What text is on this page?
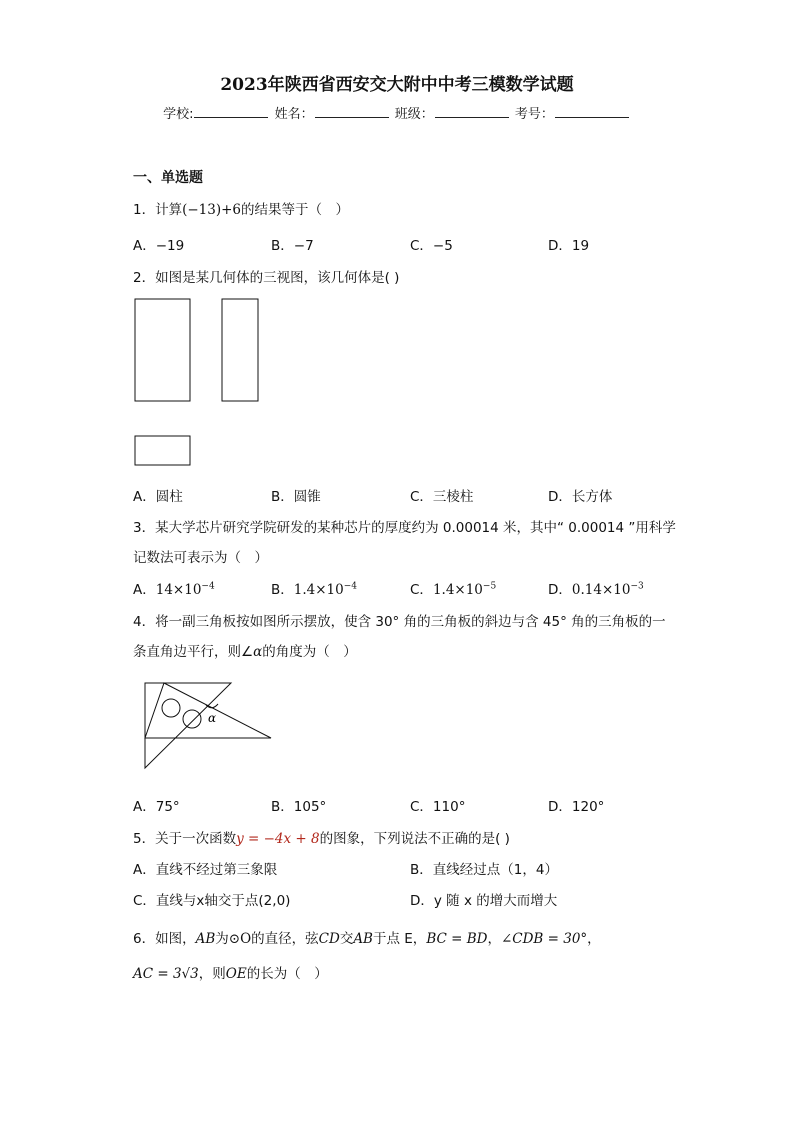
2023年陕西省西安交大附中中考三模数学试题
学校:	姓名：	班级：	考号：
一、单选题
1．计算(−13)+6的结果等于（　）
A．−19	B．−7	C．−5	D．19
2．如图是某几何体的三视图，该几何体是( )
A．圆柱	B．圆锥	C．三棱柱	D．长方体
3．某大学芯片研究学院研发的某种芯片的厚度约为 0.00014 米，其中“ 0.00014 ”用科学
记数法可表示为（　）
A．$14\times 10^{-4}$	B．$1.4\times 10^{-4}$	C．$1.4\times 10^{-5}$	D．$0.14\times 10^{-3}$
4．将一副三角板按如图所示摆放，使含 30° 角的三角板的斜边与含 45° 角的三角板的一
条直角边平行，则∠α的角度为（　）
α
A．75°	B．105°	C．110°	D．120°
5．关于一次函数y = −4x + 8的图象，下列说法不正确的是( )
A．直线不经过第三象限	B．直线经过点（1，4）
C．直线与x轴交于点(2,0)	D．y 随 x 的增大而增大
6．如图，AB为⊙O的直径，弦CD交AB于点 E，BC = BD，∠CDB = 30°，
AC = 3√3，则OE的长为（　）
